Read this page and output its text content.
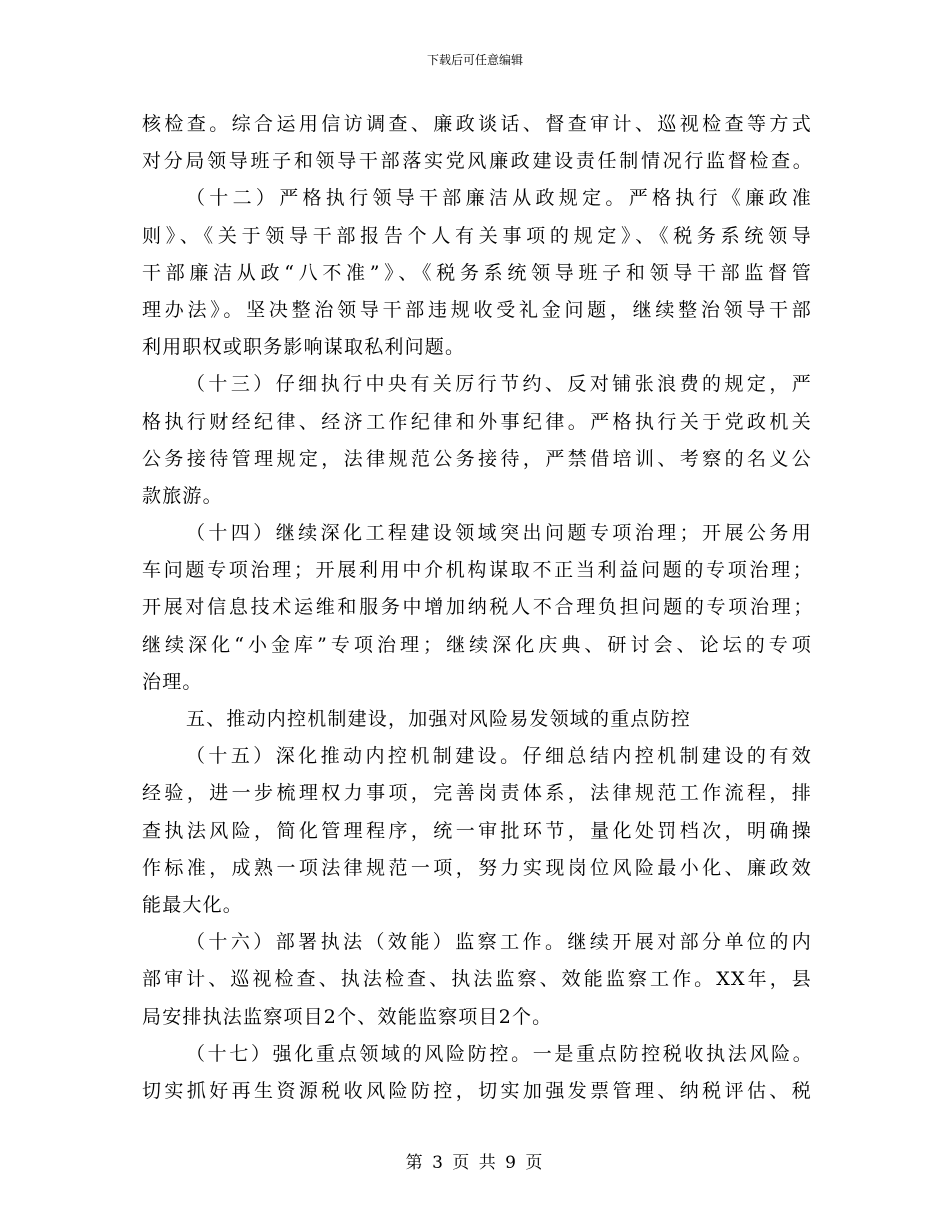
下载后可任意编辑
核检查。综合运用信访调查、廉政谈话、督查审计、巡视检查等方式
对分局领导班子和领导干部落实党风廉政建设责任制情况行监督检查。
（十二）严格执行领导干部廉洁从政规定。严格执行《廉政准
则》、《关于领导干部报告个人有关事项的规定》、《税务系统领导
干部廉洁从政“八不准”》、《税务系统领导班子和领导干部监督管
理办法》。坚决整治领导干部违规收受礼金问题，继续整治领导干部
利用职权或职务影响谋取私利问题。
（十三）仔细执行中央有关厉行节约、反对铺张浪费的规定，严
格执行财经纪律、经济工作纪律和外事纪律。严格执行关于党政机关
公务接待管理规定，法律规范公务接待，严禁借培训、考察的名义公
款旅游。
（十四）继续深化工程建设领域突出问题专项治理；开展公务用
车问题专项治理；开展利用中介机构谋取不正当利益问题的专项治理；
开展对信息技术运维和服务中增加纳税人不合理负担问题的专项治理；
继续深化“小金库”专项治理；继续深化庆典、研讨会、论坛的专项
治理。
五、推动内控机制建设，加强对风险易发领域的重点防控
（十五）深化推动内控机制建设。仔细总结内控机制建设的有效
经验，进一步梳理权力事项，完善岗责体系，法律规范工作流程，排
查执法风险，简化管理程序，统一审批环节，量化处罚档次，明确操
作标准，成熟一项法律规范一项，努力实现岗位风险最小化、廉政效
能最大化。
（十六）部署执法（效能）监察工作。继续开展对部分单位的内
部审计、巡视检查、执法检查、执法监察、效能监察工作。XX年，县
局安排执法监察项目2个、效能监察项目2个。
（十七）强化重点领域的风险防控。一是重点防控税收执法风险。
切实抓好再生资源税收风险防控，切实加强发票管理、纳税评估、税
第 3 页 共 9 页
